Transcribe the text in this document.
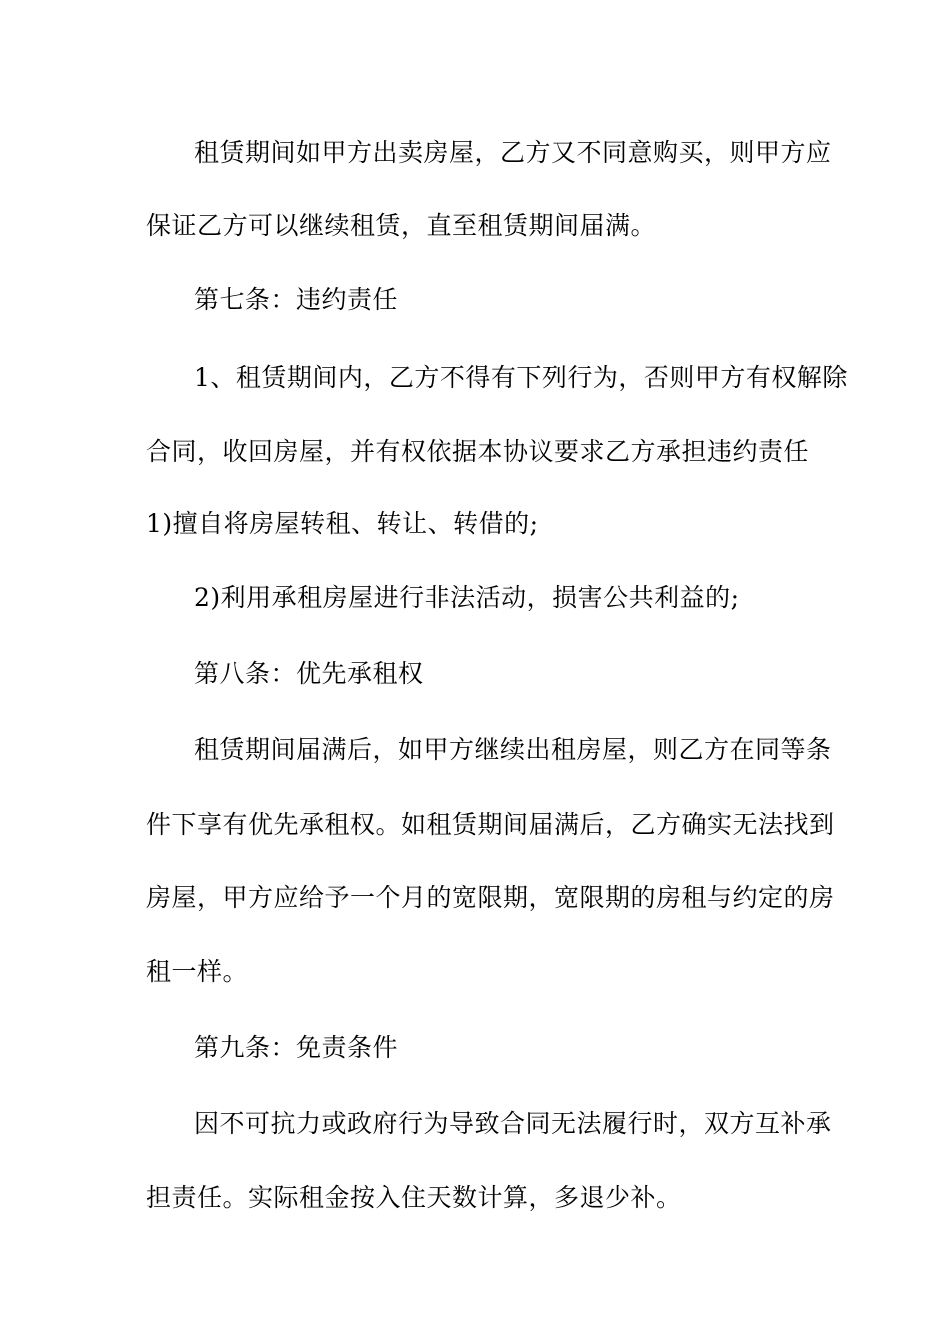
租赁期间如甲方出卖房屋，乙方又不同意购买，则甲方应
保证乙方可以继续租赁，直至租赁期间届满。
第七条：违约责任
1、租赁期间内，乙方不得有下列行为，否则甲方有权解除
合同，收回房屋，并有权依据本协议要求乙方承担违约责任
1)擅自将房屋转租、转让、转借的;
2)利用承租房屋进行非法活动，损害公共利益的;
第八条：优先承租权
租赁期间届满后，如甲方继续出租房屋，则乙方在同等条
件下享有优先承租权。如租赁期间届满后，乙方确实无法找到
房屋，甲方应给予一个月的宽限期，宽限期的房租与约定的房
租一样。
第九条：免责条件
因不可抗力或政府行为导致合同无法履行时，双方互补承
担责任。实际租金按入住天数计算，多退少补。
